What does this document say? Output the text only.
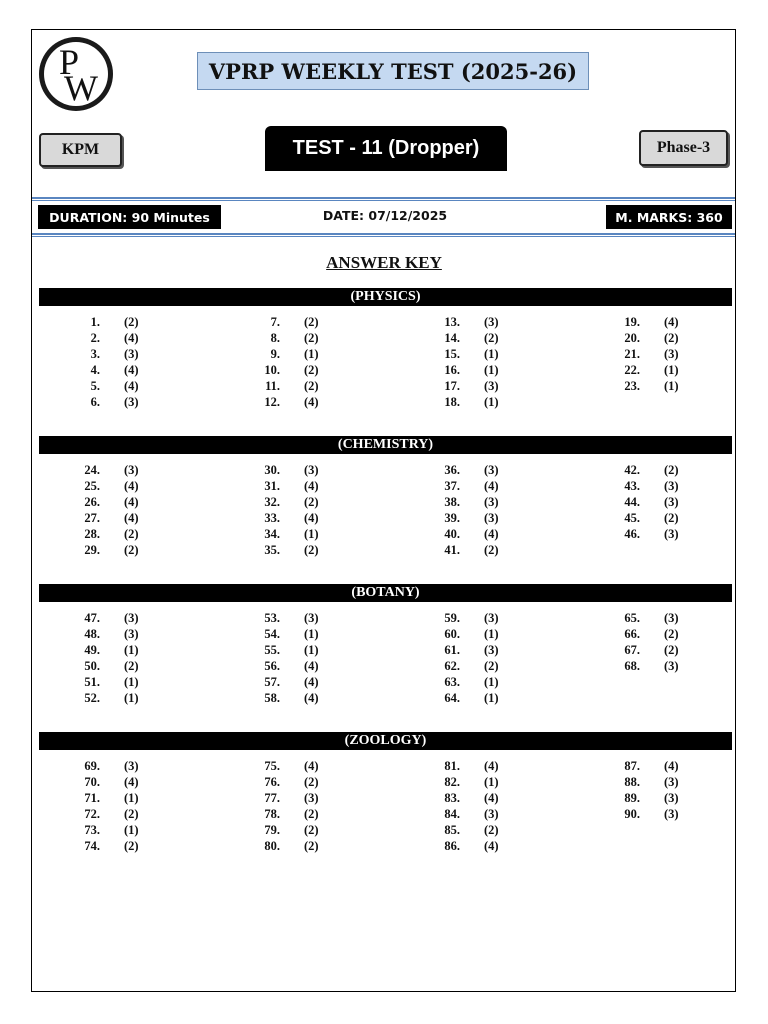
P
W	VPRP WEEKLY TEST (2025-26)
KPM	TEST - 11 (Dropper)	Phase-3
DURATION: 90 Minutes	DATE: 07/12/2025	M. MARKS: 360
ANSWER KEY
(PHYSICS)
1. (2)
2. (4)
3. (3)
4. (4)
5. (4)
6. (3)
7. (2)
8. (2)
9. (1)
10. (2)
11. (2)
12. (4)
13. (3)
14. (2)
15. (1)
16. (1)
17. (3)
18. (1)
19. (4)
20. (2)
21. (3)
22. (1)
23. (1)
(CHEMISTRY)
24. (3)
25. (4)
26. (4)
27. (4)
28. (2)
29. (2)
30. (3)
31. (4)
32. (2)
33. (4)
34. (1)
35. (2)
36. (3)
37. (4)
38. (3)
39. (3)
40. (4)
41. (2)
42. (2)
43. (3)
44. (3)
45. (2)
46. (3)
(BOTANY)
47. (3)
48. (3)
49. (1)
50. (2)
51. (1)
52. (1)
53. (3)
54. (1)
55. (1)
56. (4)
57. (4)
58. (4)
59. (3)
60. (1)
61. (3)
62. (2)
63. (1)
64. (1)
65. (3)
66. (2)
67. (2)
68. (3)
(ZOOLOGY)
69. (3)
70. (4)
71. (1)
72. (2)
73. (1)
74. (2)
75. (4)
76. (2)
77. (3)
78. (2)
79. (2)
80. (2)
81. (4)
82. (1)
83. (4)
84. (3)
85. (2)
86. (4)
87. (4)
88. (3)
89. (3)
90. (3)
